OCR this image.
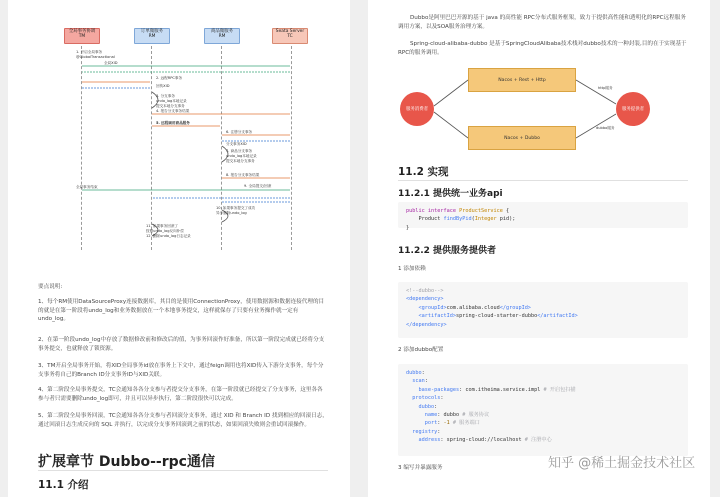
全局事务协调
TM
订单微服务
RM
商品微服务
RM
Seata Server
TC
1. 开启全局事务
@GlobalTransactional
全局XID
2. 远程RPC事务
回传XID
3. 分支事务
undo_log本地记录
提交本地分支事务
4. 报告分支事务结果
5. 远程调用商品服务
6. 注册分支事务
分支事务XID
7. 商品分支事务
undo_log本地记录
提交本地分支事务
8. 报告分支事务结果
全局事务结束	9. 全局提交/回滚
10. 如果事务提交了成功
异步删除undo_log
11. 如果事务回滚了
按照undo_log反向补偿
12. 删除undo_log日志记录
要点说明:
1、每个RM使用DataSourceProxy连接数据库，其目的是使用ConnectionProxy，使用数据源和数据连接代理的目的就是在第一阶段将undo_log和业务数据放在一个本地事务提交，这样就保存了只要有业务操作就一定有undo_log。
2、在第一阶段undo_log中存放了数据修改前和修改后的值，为事务回滚作好准备，所以第一阶段完成就已经将分支事务提交，也就释放了锁资源。
3、TM开启全局事务开始，将XID全局事务id放在事务上下文中，通过feign调用也将XID传入下游分支事务，每个分支事务将自己的Branch ID分支事务ID与XID关联。
4、第二阶段全局事务提交，TC会通知各各分支参与者提交分支事务，在第一阶段就已经提交了分支事务，这里各各参与者只需要删除undo_log即可，并且可以异步执行，第二阶段很快可以完成。
5、第二阶段全局事务回滚，TC会通知各各分支参与者回滚分支事务，通过 XID 和 Branch ID 找到相应的回滚日志，通过回滚日志生成反向的 SQL 并执行，以完成分支事务回滚到之前的状态，如果回滚失败则会重试回滚操作。
扩展章节 Dubbo--rpc通信
11.1 介绍
Dubbo是阿里巴巴开源的基于 java 的高性能 RPC分布式服务框架，致力于提供高性能和透明化的RPC远程服务调用方案，以及SOA服务治理方案。
Spring-cloud-alibaba-dubbo 是基于SpringCloudAlibaba技术栈对dubbo技术的一种封装,目的在于实现基于RPC的服务调用。
服务消费者
Nacos + Rest + Http
Nacos + Dubbo
服务提供者
http服务
dubbo服务
11.2 实现
11.2.1 提供统一业务api
public interface ProductService {
Product findByPid(Integer pid);
}
11.2.2 提供服务提供者
1 添加依赖
<!--dubbo-->
<dependency>
<groupId>com.alibaba.cloud</groupId>
<artifactId>spring-cloud-starter-dubbo</artifactId>
</dependency>
2 添加dubbo配置
dubbo:
scan:
base-packages: com.itheima.service.impl # 开启包扫描
protocols:
dubbo:
name: dubbo # 服务协议
port: -1 # 服务端口
registry:
address: spring-cloud://localhost # 注册中心
3 编写并暴露服务	知乎 @稀土掘金技术社区
